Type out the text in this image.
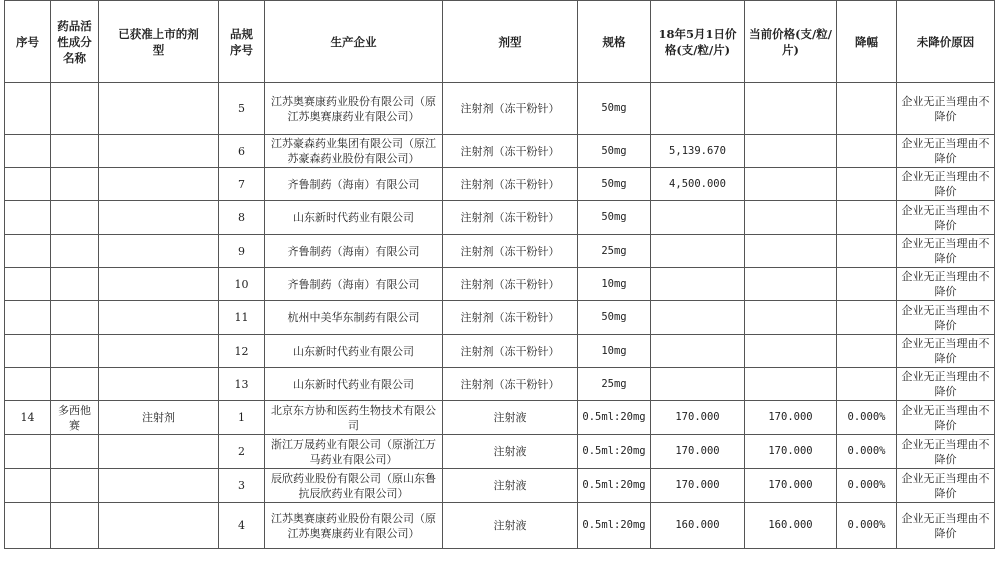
序号	药品活性成分名称	已获准上市的剂型	品规序号	生产企业	剂型	规格	18年5月1日价格(支/粒/片)	当前价格(支/粒/片)	降幅	未降价原因
			5	江苏奥赛康药业股份有限公司（原江苏奥赛康药业有限公司）	注射剂（冻干粉针）	50mg				企业无正当理由不降价
			6	江苏豪森药业集团有限公司（原江苏豪森药业股份有限公司）	注射剂（冻干粉针）	50mg	5,139.670			企业无正当理由不降价
			7	齐鲁制药（海南）有限公司	注射剂（冻干粉针）	50mg	4,500.000			企业无正当理由不降价
			8	山东新时代药业有限公司	注射剂（冻干粉针）	50mg				企业无正当理由不降价
			9	齐鲁制药（海南）有限公司	注射剂（冻干粉针）	25mg				企业无正当理由不降价
			10	齐鲁制药（海南）有限公司	注射剂（冻干粉针）	10mg				企业无正当理由不降价
			11	杭州中美华东制药有限公司	注射剂（冻干粉针）	50mg				企业无正当理由不降价
			12	山东新时代药业有限公司	注射剂（冻干粉针）	10mg				企业无正当理由不降价
			13	山东新时代药业有限公司	注射剂（冻干粉针）	25mg				企业无正当理由不降价
14	多西他赛	注射剂	1	北京东方协和医药生物技术有限公司	注射液	0.5ml:20mg	170.000	170.000	0.000%	企业无正当理由不降价
			2	浙江万晟药业有限公司（原浙江万马药业有限公司）	注射液	0.5ml:20mg	170.000	170.000	0.000%	企业无正当理由不降价
			3	辰欣药业股份有限公司（原山东鲁抗辰欣药业有限公司）	注射液	0.5ml:20mg	170.000	170.000	0.000%	企业无正当理由不降价
			4	江苏奥赛康药业股份有限公司（原江苏奥赛康药业有限公司）	注射液	0.5ml:20mg	160.000	160.000	0.000%	企业无正当理由不降价
